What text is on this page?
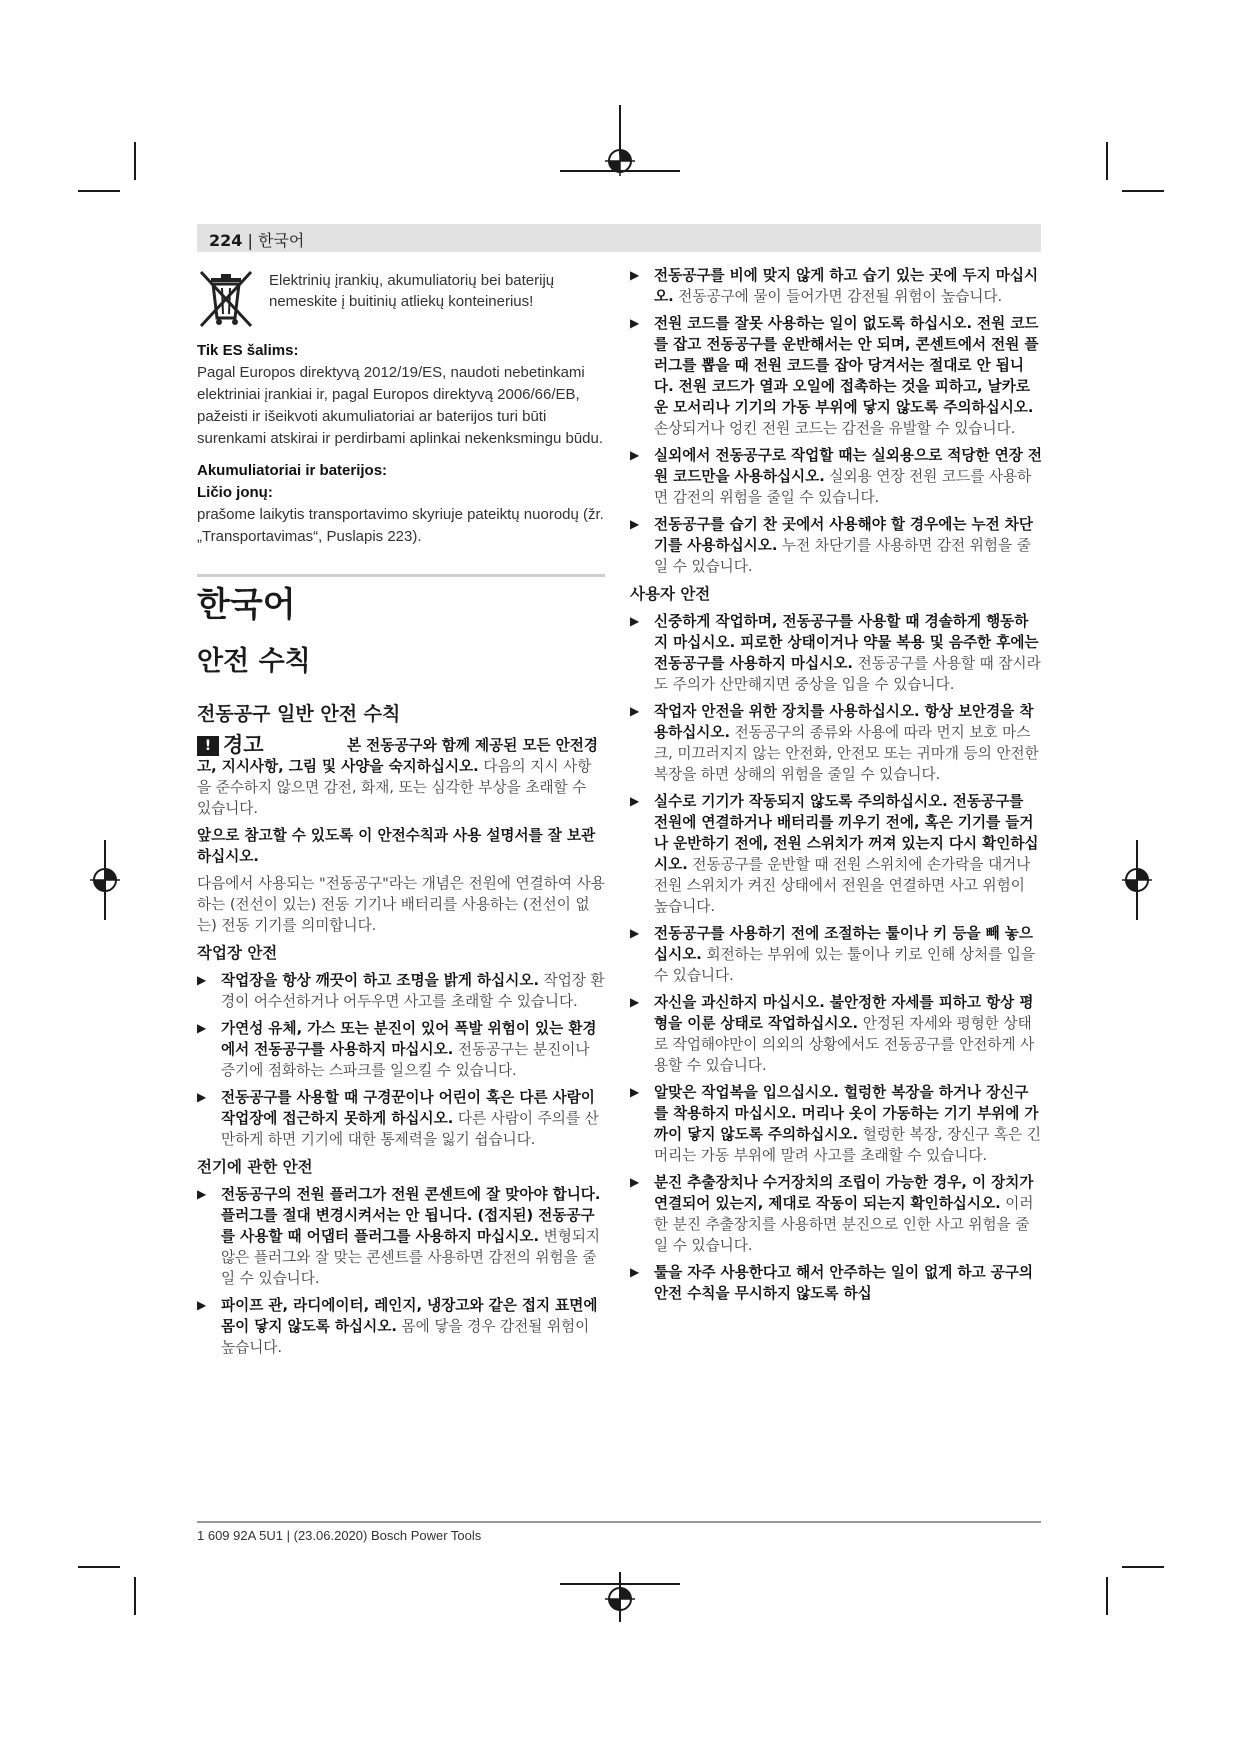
224 | 한국어

Elektrinių įrankių, akumuliatorių bei baterijų nemeskite į buitinių atliekų konteinerius!

Tik ES šalims:
Pagal Europos direktyvą 2012/19/ES, naudoti nebetinkami elektriniai įrankiai ir, pagal Europos direktyvą 2006/66/EB, pažeisti ir išeikvoti akumuliatoriai ar baterijos turi būti surenkami atskirai ir perdirbami aplinkai nekenksmingu būdu.

Akumuliatoriai ir baterijos:
Ličio jonų:
prašome laikytis transportavimo skyriuje pateiktų nuorodų (žr. „Transportavimas“, Puslapis 223).

한국어
안전 수칙
전동공구 일반 안전 수칙
! 경고	본 전동공구와 함께 제공된 모든 안전경고, 지시사항, 그림 및 사양을 숙지하십시오. 다음의 지시 사항을 준수하지 않으면 감전, 화재, 또는 심각한 부상을 초래할 수 있습니다.
앞으로 참고할 수 있도록 이 안전수칙과 사용 설명서를 잘 보관하십시오.
다음에서 사용되는 "전동공구"라는 개념은 전원에 연결하여 사용하는 (전선이 있는) 전동 기기나 배터리를 사용하는 (전선이 없는) 전동 기기를 의미합니다.
작업장 안전
▶ 작업장을 항상 깨끗이 하고 조명을 밝게 하십시오. 작업장 환경이 어수선하거나 어두우면 사고를 초래할 수 있습니다.
▶ 가연성 유체, 가스 또는 분진이 있어 폭발 위험이 있는 환경에서 전동공구를 사용하지 마십시오. 전동공구는 분진이나 증기에 점화하는 스파크를 일으킬 수 있습니다.
▶ 전동공구를 사용할 때 구경꾼이나 어린이 혹은 다른 사람이 작업장에 접근하지 못하게 하십시오. 다른 사람이 주의를 산만하게 하면 기기에 대한 통제력을 잃기 쉽습니다.
전기에 관한 안전
▶ 전동공구의 전원 플러그가 전원 콘센트에 잘 맞아야 합니다. 플러그를 절대 변경시켜서는 안 됩니다. (접지된) 전동공구를 사용할 때 어댑터 플러그를 사용하지 마십시오. 변형되지 않은 플러그와 잘 맞는 콘센트를 사용하면 감전의 위험을 줄일 수 있습니다.
▶ 파이프 관, 라디에이터, 레인지, 냉장고와 같은 접지 표면에 몸이 닿지 않도록 하십시오. 몸에 닿을 경우 감전될 위험이 높습니다.
▶ 전동공구를 비에 맞지 않게 하고 습기 있는 곳에 두지 마십시오. 전동공구에 물이 들어가면 감전될 위험이 높습니다.
▶ 전원 코드를 잘못 사용하는 일이 없도록 하십시오. 전원 코드를 잡고 전동공구를 운반해서는 안 되며, 콘센트에서 전원 플러그를 뽑을 때 전원 코드를 잡아 당겨서는 절대로 안 됩니다. 전원 코드가 열과 오일에 접촉하는 것을 피하고, 날카로운 모서리나 기기의 가동 부위에 닿지 않도록 주의하십시오. 손상되거나 엉킨 전원 코드는 감전을 유발할 수 있습니다.
▶ 실외에서 전동공구로 작업할 때는 실외용으로 적당한 연장 전원 코드만을 사용하십시오. 실외용 연장 전원 코드를 사용하면 감전의 위험을 줄일 수 있습니다.
▶ 전동공구를 습기 찬 곳에서 사용해야 할 경우에는 누전 차단기를 사용하십시오. 누전 차단기를 사용하면 감전 위험을 줄일 수 있습니다.
사용자 안전
▶ 신중하게 작업하며, 전동공구를 사용할 때 경솔하게 행동하지 마십시오. 피로한 상태이거나 약물 복용 및 음주한 후에는 전동공구를 사용하지 마십시오. 전동공구를 사용할 때 잠시라도 주의가 산만해지면 중상을 입을 수 있습니다.
▶ 작업자 안전을 위한 장치를 사용하십시오. 항상 보안경을 착용하십시오. 전동공구의 종류와 사용에 따라 먼지 보호 마스크, 미끄러지지 않는 안전화, 안전모 또는 귀마개 등의 안전한 복장을 하면 상해의 위험을 줄일 수 있습니다.
▶ 실수로 기기가 작동되지 않도록 주의하십시오. 전동공구를 전원에 연결하거나 배터리를 끼우기 전에, 혹은 기기를 들거나 운반하기 전에, 전원 스위치가 꺼져 있는지 다시 확인하십시오. 전동공구를 운반할 때 전원 스위치에 손가락을 대거나 전원 스위치가 켜진 상태에서 전원을 연결하면 사고 위험이 높습니다.
▶ 전동공구를 사용하기 전에 조절하는 툴이나 키 등을 빼 놓으십시오. 회전하는 부위에 있는 툴이나 키로 인해 상처를 입을 수 있습니다.
▶ 자신을 과신하지 마십시오. 불안정한 자세를 피하고 항상 평형을 이룬 상태로 작업하십시오. 안정된 자세와 평형한 상태로 작업해야만이 의외의 상황에서도 전동공구를 안전하게 사용할 수 있습니다.
▶ 알맞은 작업복을 입으십시오. 헐렁한 복장을 하거나 장신구를 착용하지 마십시오. 머리나 옷이 가동하는 기기 부위에 가까이 닿지 않도록 주의하십시오. 헐렁한 복장, 장신구 혹은 긴 머리는 가동 부위에 말려 사고를 초래할 수 있습니다.
▶ 분진 추출장치나 수거장치의 조립이 가능한 경우, 이 장치가 연결되어 있는지, 제대로 작동이 되는지 확인하십시오. 이러한 분진 추출장치를 사용하면 분진으로 인한 사고 위험을 줄일 수 있습니다.
▶ 툴을 자주 사용한다고 해서 안주하는 일이 없게 하고 공구의 안전 수칙을 무시하지 않도록 하십
1 609 92A 5U1 | (23.06.2020) Bosch Power Tools
